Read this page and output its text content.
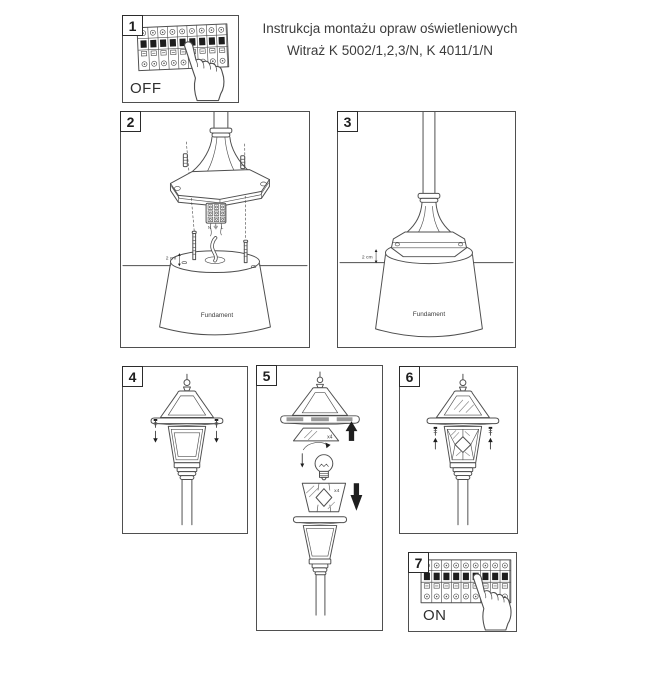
Instrukcja montażu opraw oświetleniowych
Witraż K 5002/1,2,3/N, K 4011/1/N
1
OFF
2
N L
Fundament
2 cm
3
2 cm
Fundament
4	5
x4
x4
6
7
ON
